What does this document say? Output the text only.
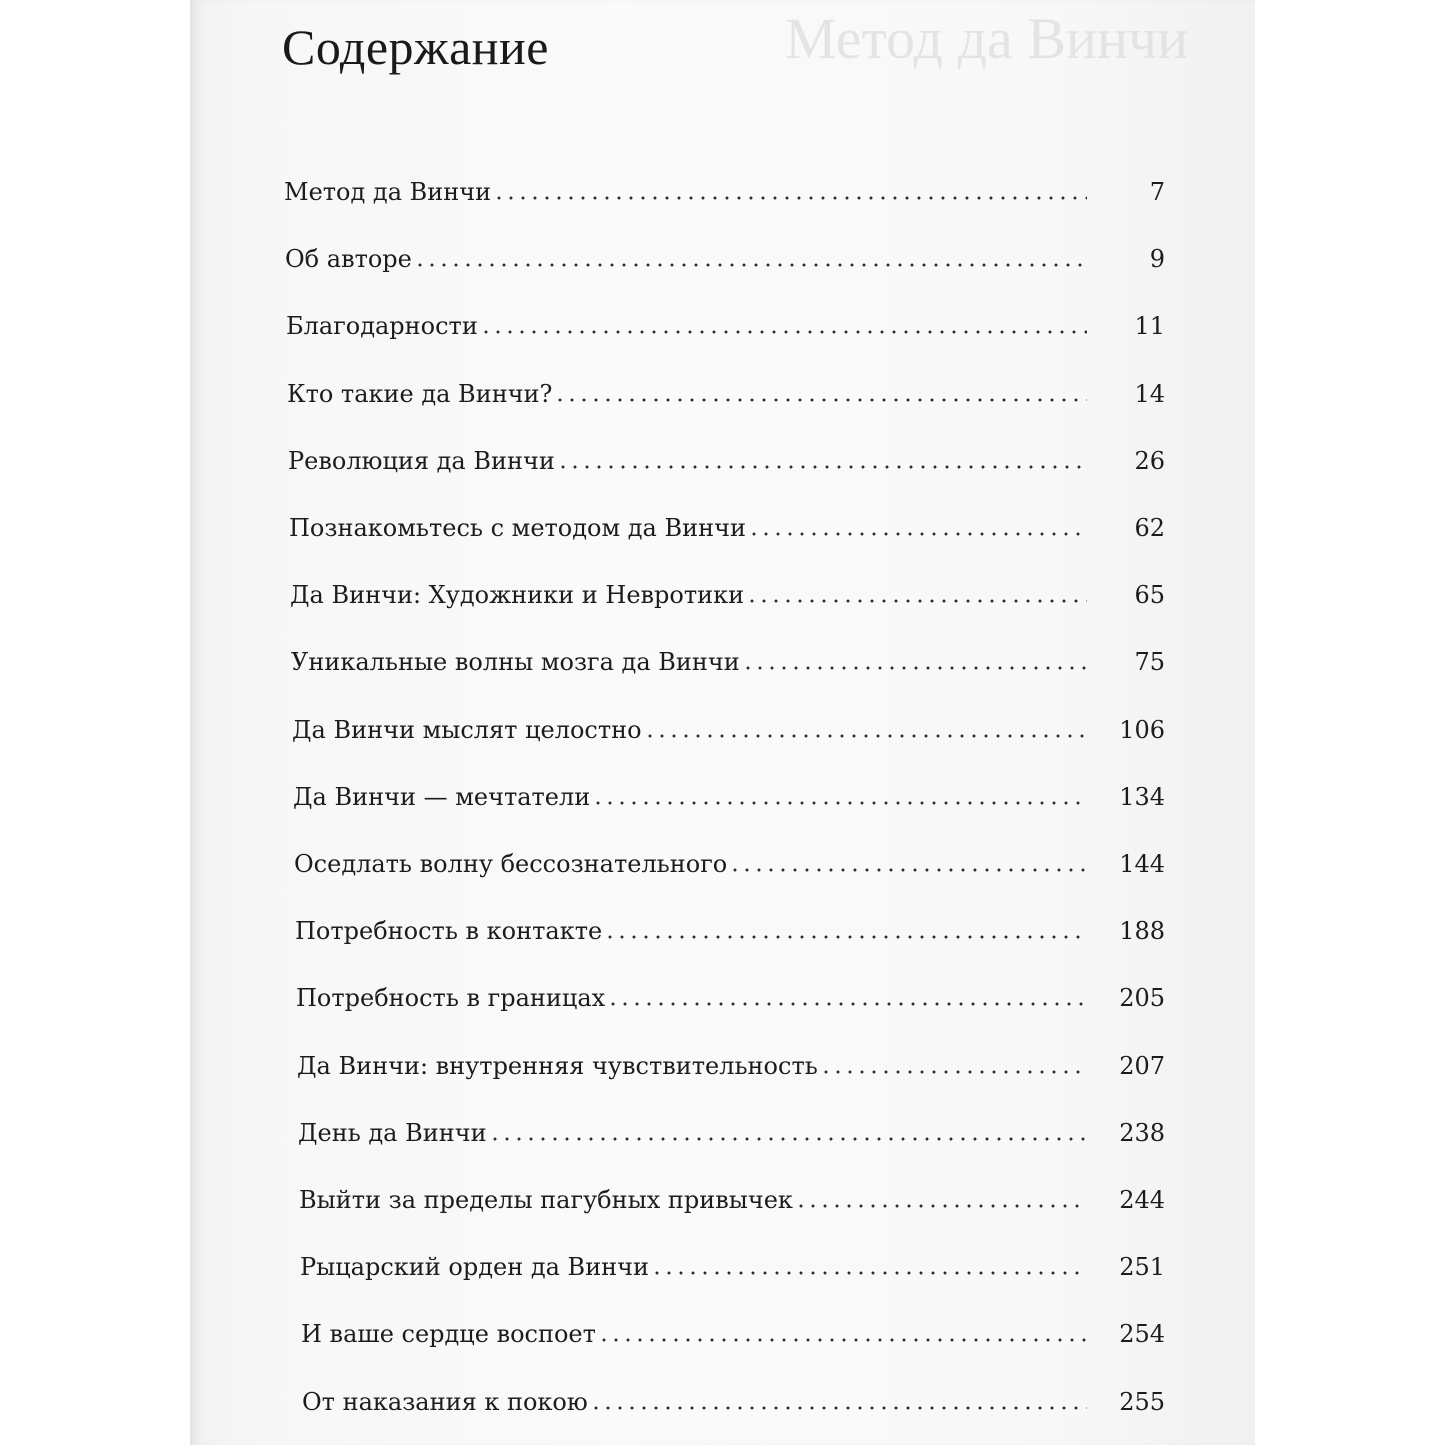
Метод да Винчи
Содержание
Метод да Винчи	7
Об авторе	9
Благодарности	11
Кто такие да Винчи?	14
Революция да Винчи	26
Познакомьтесь с методом да Винчи	62
Да Винчи: Художники и Невротики	65
Уникальные волны мозга да Винчи	75
Да Винчи мыслят целостно	106
Да Винчи — мечтатели	134
Оседлать волну бессознательного	144
Потребность в контакте	188
Потребность в границах	205
Да Винчи: внутренняя чувствительность	207
День да Винчи	238
Выйти за пределы пагубных привычек	244
Рыцарский орден да Винчи	251
И ваше сердце воспоет	254
От наказания к покою	255
